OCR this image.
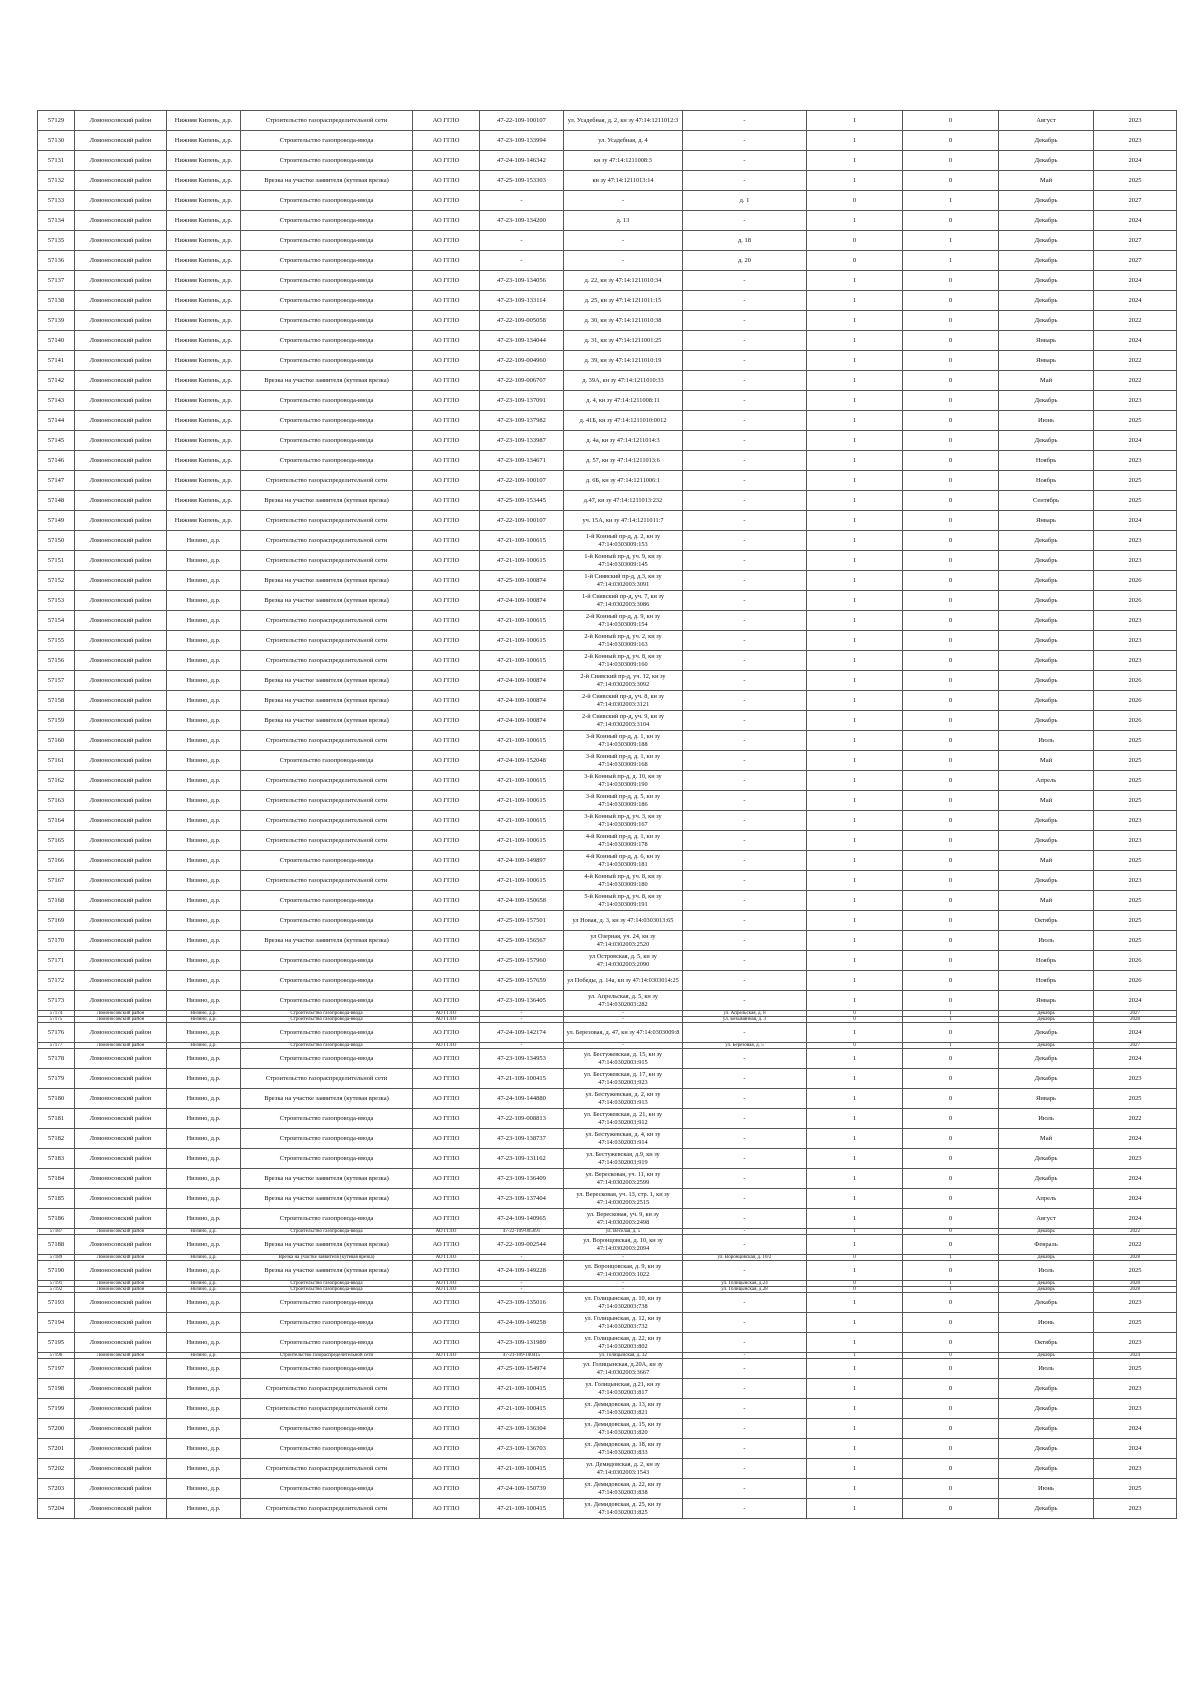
57129	Ломоносовский район	Нижняя Кипень, д.р.	Строительство газораспределительной сети	АО ГГЛО	47-22-109-100107	ул. Усадебная, д. 2, кн зу 47:14:1211012:3	-	1	0	Август	2023
57130	Ломоносовский район	Нижняя Кипень, д.р.	Строительство газопровода-ввода	АО ГГЛО	47-23-109-133994	ул. Усадебная, д. 4	-	1	0	Декабрь	2023
57131	Ломоносовский район	Нижняя Кипень, д.р.	Строительство газопровода-ввода	АО ГГЛО	47-24-109-146342	кн зу 47:14:1211008:3	-	1	0	Декабрь	2024
57132	Ломоносовский район	Нижняя Кипень, д.р.	Врезка на участке заявителя (кутевая врезка)	АО ГГЛО	47-25-109-153303	кн зу 47:14:1211013:14	-	1	0	Май	2025
57133	Ломоносовский район	Нижняя Кипень, д.р.	Строительство газопровода-ввода	АО ГГЛО	-	-	д. 1	0	1	Декабрь	2027
57134	Ломоносовский район	Нижняя Кипень, д.р.	Строительство газопровода-ввода	АО ГГЛО	47-23-109-134200	д. 13	-	1	0	Декабрь	2024
57135	Ломоносовский район	Нижняя Кипень, д.р.	Строительство газопровода-ввода	АО ГГЛО	-	-	д. 18	0	1	Декабрь	2027
57136	Ломоносовский район	Нижняя Кипень, д.р.	Строительство газопровода-ввода	АО ГГЛО	-	-	д. 20	0	1	Декабрь	2027
57137	Ломоносовский район	Нижняя Кипень, д.р.	Строительство газопровода-ввода	АО ГГЛО	47-23-109-134056	д. 22, кн зу 47:14:1211010:34	-	1	0	Декабрь	2024
57138	Ломоносовский район	Нижняя Кипень, д.р.	Строительство газопровода-ввода	АО ГГЛО	47-23-109-133114	д. 25, кн зу 47:14:1211011:15	-	1	0	Декабрь	2024
57139	Ломоносовский район	Нижняя Кипень, д.р.	Строительство газопровода-ввода	АО ГГЛО	47-22-109-005058	д. 30, кн зу 47:14:1211010:38	-	1	0	Декабрь	2022
57140	Ломоносовский район	Нижняя Кипень, д.р.	Строительство газопровода-ввода	АО ГГЛО	47-23-109-134044	д. 31, кн зу 47:14:1211001:25	-	1	0	Январь	2024
57141	Ломоносовский район	Нижняя Кипень, д.р.	Строительство газопровода-ввода	АО ГГЛО	47-22-109-004960	д. 39, кн зу 47:14:1211010:19	-	1	0	Январь	2022
57142	Ломоносовский район	Нижняя Кипень, д.р.	Врезка на участке заявителя (кутевая врезка)	АО ГГЛО	47-22-109-006707	д. 39А, кн зу 47:14:1211010:33	-	1	0	Май	2022
57143	Ломоносовский район	Нижняя Кипень, д.р.	Строительство газопровода-ввода	АО ГГЛО	47-23-109-137091	д. 4, кн зу 47:14:1211008:11	-	1	0	Декабрь	2023
57144	Ломоносовский район	Нижняя Кипень, д.р.	Строительство газопровода-ввода	АО ГГЛО	47-23-109-137982	д. 41Б, кн зу 47:14:1211010:0012	-	1	0	Июнь	2025
57145	Ломоносовский район	Нижняя Кипень, д.р.	Строительство газопровода-ввода	АО ГГЛО	47-23-109-133987	д. 4а, кн зу 47:14:1211014:3	-	1	0	Декабрь	2024
57146	Ломоносовский район	Нижняя Кипень, д.р.	Строительство газопровода-ввода	АО ГГЛО	47-23-109-134671	д. 57, кн зу 47:14:1211013:6	-	1	0	Ноябрь	2023
57147	Ломоносовский район	Нижняя Кипень, д.р.	Строительство газораспределительной сети	АО ГГЛО	47-22-109-100107	д. 6Б, кн зу 47:14:1211006:1	-	1	0	Ноябрь	2025
57148	Ломоносовский район	Нижняя Кипень, д.р.	Врезка на участке заявителя (кутевая врезка)	АО ГГЛО	47-25-109-153445	д.47, кн зу 47:14:1211013:232	-	1	0	Сентябрь	2025
57149	Ломоносовский район	Нижняя Кипень, д.р.	Строительство газораспределительной сети	АО ГГЛО	47-22-109-100107	уч. 15А, кн зу 47:14:1211011:7	-	1	0	Январь	2024
57150	Ломоносовский район	Низино, д.р.	Строительство газораспределительной сети	АО ГГЛО	47-21-109-100615	1-й Конный пр-д, д. 2, кн зу 47:14:0303009:153	-	1	0	Декабрь	2023
57151	Ломоносовский район	Низино, д.р.	Строительство газораспределительной сети	АО ГГЛО	47-21-109-100615	1-й Конный пр-д, уч. 9, кн зу 47:14:0303009:145	-	1	0	Декабрь	2023
57152	Ломоносовский район	Низино, д.р.	Врезка на участке заявителя (кутевая врезка)	АО ГГЛО	47-25-109-100874	1-й Сиявский пр-д, д.3, кн зу 47:14:0302003:3091	-	1	0	Декабрь	2026
57153	Ломоносовский район	Низино, д.р.	Врезка на участке заявителя (кутевая врезка)	АО ГГЛО	47-24-109-100874	1-й Сиявский пр-д, уч. 7, кн зу 47:14:0302003:3086	-	1	0	Декабрь	2026
57154	Ломоносовский район	Низино, д.р.	Строительство газораспределительной сети	АО ГГЛО	47-21-109-100615	2-й Конный пр-д, д. 9, кн зу 47:14:0303009:154	-	1	0	Декабрь	2023
57155	Ломоносовский район	Низино, д.р.	Строительство газораспределительной сети	АО ГГЛО	47-21-109-100615	2-й Конный пр-д, уч. 2, кн зу 47:14:0303009:163	-	1	0	Декабрь	2023
57156	Ломоносовский район	Низино, д.р.	Строительство газораспределительной сети	АО ГГЛО	47-21-109-100615	2-й Конный пр-д, уч. 8, кн зу 47:14:0303009:160	-	1	0	Декабрь	2023
57157	Ломоносовский район	Низино, д.р.	Врезка на участке заявителя (кутевая врезка)	АО ГГЛО	47-24-109-100874	2-й Сиявский пр-д, уч. 12, кн зу 47:14:0302003:3092	-	1	0	Декабрь	2026
57158	Ломоносовский район	Низино, д.р.	Врезка на участке заявителя (кутевая врезка)	АО ГГЛО	47-24-109-100874	2-й Сиявский пр-д, уч. 8, кн зу 47:14:0302003:3121	-	1	0	Декабрь	2026
57159	Ломоносовский район	Низино, д.р.	Врезка на участке заявителя (кутевая врезка)	АО ГГЛО	47-24-109-100874	2-й Сиявский пр-д, уч. 9, кн зу 47:14:0302003:3104	-	1	0	Декабрь	2026
57160	Ломоносовский район	Низино, д.р.	Строительство газораспределительной сети	АО ГГЛО	47-21-109-100615	3-й Конный пр-д, д. 1, кн зу 47:14:0303009:188	-	1	0	Июль	2025
57161	Ломоносовский район	Низино, д.р.	Строительство газопровода-ввода	АО ГГЛО	47-24-109-152048	3-й Конный пр-д, д. 1, кн зу 47:14:0303009:168	-	1	0	Май	2025
57162	Ломоносовский район	Низино, д.р.	Строительство газораспределительной сети	АО ГГЛО	47-21-109-100615	3-й Конный пр-д, д. 10, кн зу 47:14:0303009:190	-	1	0	Апрель	2025
57163	Ломоносовский район	Низино, д.р.	Строительство газораспределительной сети	АО ГГЛО	47-21-109-100615	3-й Конный пр-д, д. 5, кн зу 47:14:0303009:186	-	1	0	Май	2025
57164	Ломоносовский район	Низино, д.р.	Строительство газораспределительной сети	АО ГГЛО	47-21-109-100615	3-й Конный пр-д, уч. 3, кн зу 47:14:0303009:167	-	1	0	Декабрь	2023
57165	Ломоносовский район	Низино, д.р.	Строительство газораспределительной сети	АО ГГЛО	47-21-109-100615	4-й Конный пр-д, д. 1, кн зу 47:14:0303009:178	-	1	0	Декабрь	2023
57166	Ломоносовский район	Низино, д.р.	Строительство газопровода-ввода	АО ГГЛО	47-24-109-149897	4-й Конный пр-д, д. 6, кн зу 47:14:0303009:181	-	1	0	Май	2025
57167	Ломоносовский район	Низино, д.р.	Строительство газораспределительной сети	АО ГГЛО	47-21-109-100615	4-й Конный пр-д, уч. 8, кн зу 47:14:0303009:180	-	1	0	Декабрь	2023
57168	Ломоносовский район	Низино, д.р.	Строительство газопровода-ввода	АО ГГЛО	47-24-109-150658	5-й Конный пр-д, уч. 8, кн зу 47:14:0303009:191	-	1	0	Май	2025
57169	Ломоносовский район	Низино, д.р.	Строительство газопровода-ввода	АО ГГЛО	47-25-109-157501	ул Новая, д. 3, кн зу 47:14:0303013:65	-	1	0	Октябрь	2025
57170	Ломоносовский район	Низино, д.р.	Врезка на участке заявителя (кутевая врезка)	АО ГГЛО	47-25-109-156567	ул Озерная, уч. 24, кн зу 47:14:0302003:2520	-	1	0	Июль	2025
57171	Ломоносовский район	Низино, д.р.	Строительство газопровода-ввода	АО ГГЛО	47-25-109-157960	ул Островская, д. 5, кн зу 47:14:0302003:2090	-	1	0	Ноябрь	2026
57172	Ломоносовский район	Низино, д.р.	Строительство газопровода-ввода	АО ГГЛО	47-25-109-157659	ул Победы, д. 14а, кн зу 47:14:0303014:25	-	1	0	Ноябрь	2026
57173	Ломоносовский район	Низино, д.р.	Строительство газопровода-ввода	АО ГГЛО	47-23-109-136405	ул. Апрельская, д. 5, кн зу 47:14:0302003:282	-	1	0	Январь	2024
57174	Ломоносовский район	Низино, д.р.	Строительство газопровода-ввода	АО ГГЛО	-	-	ул. Апрельская, д. 8	0	1	Декабрь	2027
57175	Ломоносовский район	Низино, д.р.	Строительство газопровода-ввода	АО ГГЛО	-	-	ул. Безымянная, д. 3	0	1	Декабрь	2028
57176	Ломоносовский район	Низино, д.р.	Строительство газопровода-ввода	АО ГГЛО	47-24-109-142174	ул. Березовая, д. 47, кн зу 47:14:0303009:8	-	1	0	Декабрь	2024
57177	Ломоносовский район	Низино, д.р.	Строительство газопровода-ввода	АО ГГЛО	-	-	ул. Березовая, д. 5	0	1	Декабрь	2027
57178	Ломоносовский район	Низино, д.р.	Строительство газопровода-ввода	АО ГГЛО	47-23-109-134953	ул. Бестужевская, д. 15, кн зу 47:14:0302003:915	-	1	0	Декабрь	2024
57179	Ломоносовский район	Низино, д.р.	Строительство газораспределительной сети	АО ГГЛО	47-21-109-100415	ул. Бестужевская, д. 17, кн зу 47:14:0302003:923	-	1	0	Декабрь	2023
57180	Ломоносовский район	Низино, д.р.	Врезка на участке заявителя (кутевая врезка)	АО ГГЛО	47-24-109-144880	ул. Бестужевская, д. 2, кн зу 47:14:0302003:913	-	1	0	Январь	2025
57181	Ломоносовский район	Низино, д.р.	Строительство газопровода-ввода	АО ГГЛО	47-22-109-008813	ул. Бестужевская, д. 21, кн зу 47:14:0302003:912	-	1	0	Июль	2022
57182	Ломоносовский район	Низино, д.р.	Строительство газопровода-ввода	АО ГГЛО	47-23-109-138737	ул. Бестужевская, д. 4, кн зу 47:14:0302003:914	-	1	0	Май	2024
57183	Ломоносовский район	Низино, д.р.	Строительство газопровода-ввода	АО ГГЛО	47-23-109-131162	ул. Бестужевская, д.9, кн зу 47:14:0302003:919	-	1	0	Декабрь	2023
57184	Ломоносовский район	Низино, д.р.	Врезка на участке заявителя (кутевая врезка)	АО ГГЛО	47-23-109-136409	ул. Вересковая, уч. 11, кн зу 47:14:0302003:2599	-	1	0	Декабрь	2024
57185	Ломоносовский район	Низино, д.р.	Врезка на участке заявителя (кутевая врезка)	АО ГГЛО	47-23-109-137404	ул. Вересковая, уч. 13, стр. 1, кн зу 47:14:0302003:2515	-	1	0	Апрель	2024
57186	Ломоносовский район	Низино, д.р.	Строительство газопровода-ввода	АО ГГЛО	47-24-109-140965	ул. Вересковая, уч. 9, кн зу 47:14:0302003:2498	-	1	0	Август	2024
57187	Ломоносовский район	Низино, д.р.	Строительство газопровода-ввода	АО ГГЛО	47-22-109-005691	ул. Веселая, д. 5	-	1	0	Декабрь	2022
57188	Ломоносовский район	Низино, д.р.	Врезка на участке заявителя (кутевая врезка)	АО ГГЛО	47-22-109-002544	ул. Воронцовская, д. 10, кн зу 47:14:0302003:2094	-	1	0	Февраль	2022
57189	Ломоносовский район	Низино, д.р.	Врезка на участке заявителя (кутевая врезка)	АО ГГЛО	-	-	ул. Воронцовская, д. 10/2	0	1	Декабрь	2028
57190	Ломоносовский район	Низино, д.р.	Врезка на участке заявителя (кутевая врезка)	АО ГГЛО	47-24-109-149228	ул. Воронцовская, д. 9, кн зу 47:14:0302003:1022	-	1	0	Июль	2025
57191	Ломоносовский район	Низино, д.р.	Строительство газопровода-ввода	АО ГГЛО	-	-	ул. Голицынская, д.24	0	1	Декабрь	2028
57192	Ломоносовский район	Низино, д.р.	Строительство газопровода-ввода	АО ГГЛО	-	-	ул. Голицынская, д.28	0	1	Декабрь	2028
57193	Ломоносовский район	Низино, д.р.	Строительство газопровода-ввода	АО ГГЛО	47-23-109-135016	ул. Голицынская, д. 10, кн зу 47:14:0302003:738	-	1	0	Декабрь	2023
57194	Ломоносовский район	Низино, д.р.	Строительство газопровода-ввода	АО ГГЛО	47-24-109-149258	ул. Голицынская, д. 12, кн зу 47:14:0302003:732	-	1	0	Июнь	2025
57195	Ломоносовский район	Низино, д.р.	Строительство газопровода-ввода	АО ГГЛО	47-23-109-131989	ул. Голицынская, д. 22, кн зу 47:14:0302003:802	-	1	0	Октябрь	2023
57196	Ломоносовский район	Низино, д.р.	Строительство газораспределительной сети	АО ГГЛО	47-21-109-100415	ул. Голицынская, д. 32	-	1	0	Декабрь	2024
57197	Ломоносовский район	Низино, д.р.	Строительство газопровода-ввода	АО ГГЛО	47-25-109-154974	ул. Голицынская, д.20А, кн зу 47:14:0302003:3667	-	1	0	Июль	2025
57198	Ломоносовский район	Низино, д.р.	Строительство газораспределительной сети	АО ГГЛО	47-21-109-100415	ул. Голицынская, д.21, кн зу 47:14:0302003:817	-	1	0	Декабрь	2023
57199	Ломоносовский район	Низино, д.р.	Строительство газораспределительной сети	АО ГГЛО	47-21-109-100415	ул. Демидовская, д. 13, кн зу 47:14:0302003:821	-	1	0	Декабрь	2023
57200	Ломоносовский район	Низино, д.р.	Строительство газопровода-ввода	АО ГГЛО	47-23-109-136304	ул. Демидовская, д. 15, кн зу 47:14:0302003:820	-	1	0	Декабрь	2024
57201	Ломоносовский район	Низино, д.р.	Строительство газопровода-ввода	АО ГГЛО	47-23-109-136703	ул. Демидовская, д. 18, кн зу 47:14:0302003:833	-	1	0	Декабрь	2024
57202	Ломоносовский район	Низино, д.р.	Строительство газораспределительной сети	АО ГГЛО	47-21-109-100415	ул. Демидовская, д. 2, кн зу 47:14:0302003:1543	-	1	0	Декабрь	2023
57203	Ломоносовский район	Низино, д.р.	Строительство газопровода-ввода	АО ГГЛО	47-24-109-150739	ул. Демидовская, д. 22, кн зу 47:14:0302003:838	-	1	0	Июнь	2025
57204	Ломоносовский район	Низино, д.р.	Строительство газораспределительной сети	АО ГГЛО	47-21-109-100415	ул. Демидовская, д. 25, кн зу 47:14:0302003:825	-	1	0	Декабрь	2023
